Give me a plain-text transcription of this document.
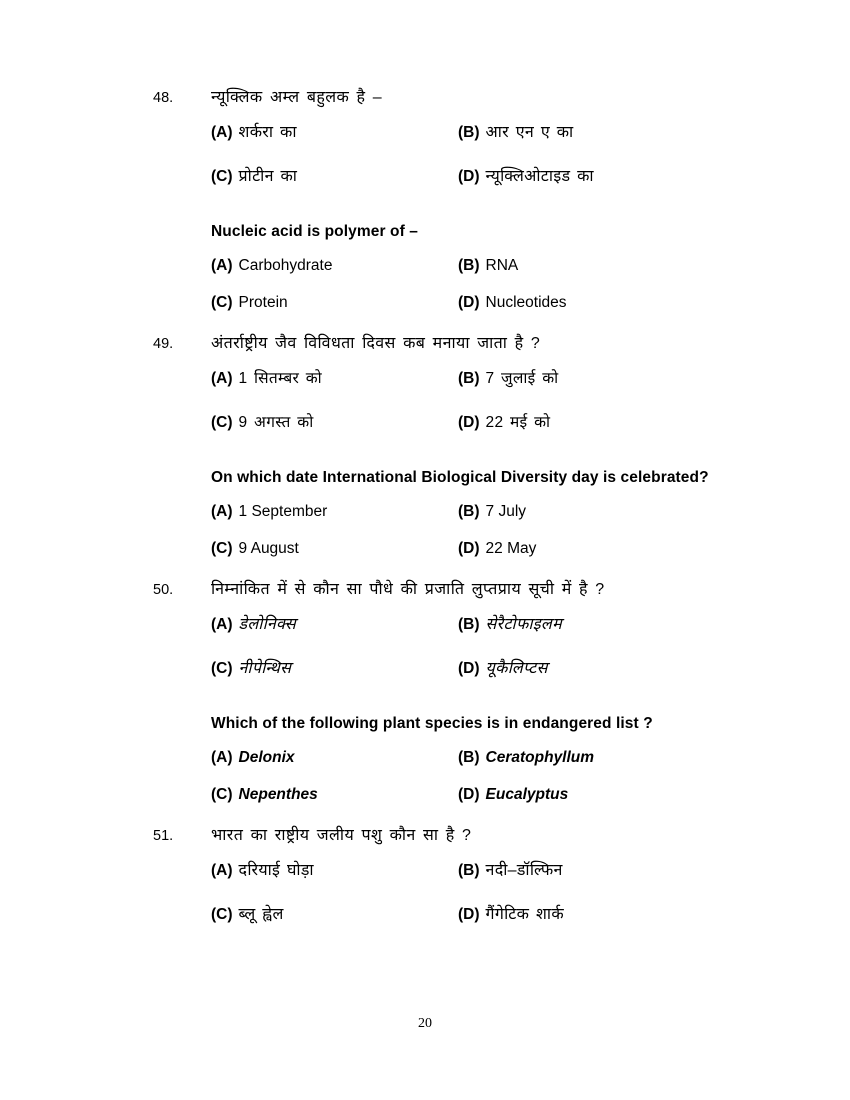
48.	न्यूक्लिक अम्ल बहुलक है –
(A) शर्करा का	(B) आर एन ए का
(C) प्रोटीन का	(D) न्यूक्लिओटाइड का
Nucleic acid is polymer of –
(A) Carbohydrate	(B) RNA
(C) Protein	(D) Nucleotides
49.	अंतर्राष्ट्रीय जैव विविधता दिवस कब मनाया जाता है ?
(A) 1 सितम्बर को	(B) 7 जुलाई को
(C) 9 अगस्त को	(D) 22 मई को
On which date International Biological Diversity day is celebrated?
(A) 1 September	(B) 7 July
(C) 9 August	(D) 22 May
50.	निम्नांकित में से कौन सा पौधे की प्रजाति लुप्तप्राय सूची में है ?
(A) डेलोनिक्स	(B) सेरैटोफाइलम
(C) नीपेन्थिस	(D) यूकैलिप्टस
Which of the following plant species is in endangered list ?
(A) Delonix	(B) Ceratophyllum
(C) Nepenthes	(D) Eucalyptus
51.	भारत का राष्ट्रीय जलीय पशु कौन सा है ?
(A) दरियाई घोड़ा	(B) नदी–डॉल्फिन
(C) ब्लू ह्वेल	(D) गैंगेटिक शार्क
20
